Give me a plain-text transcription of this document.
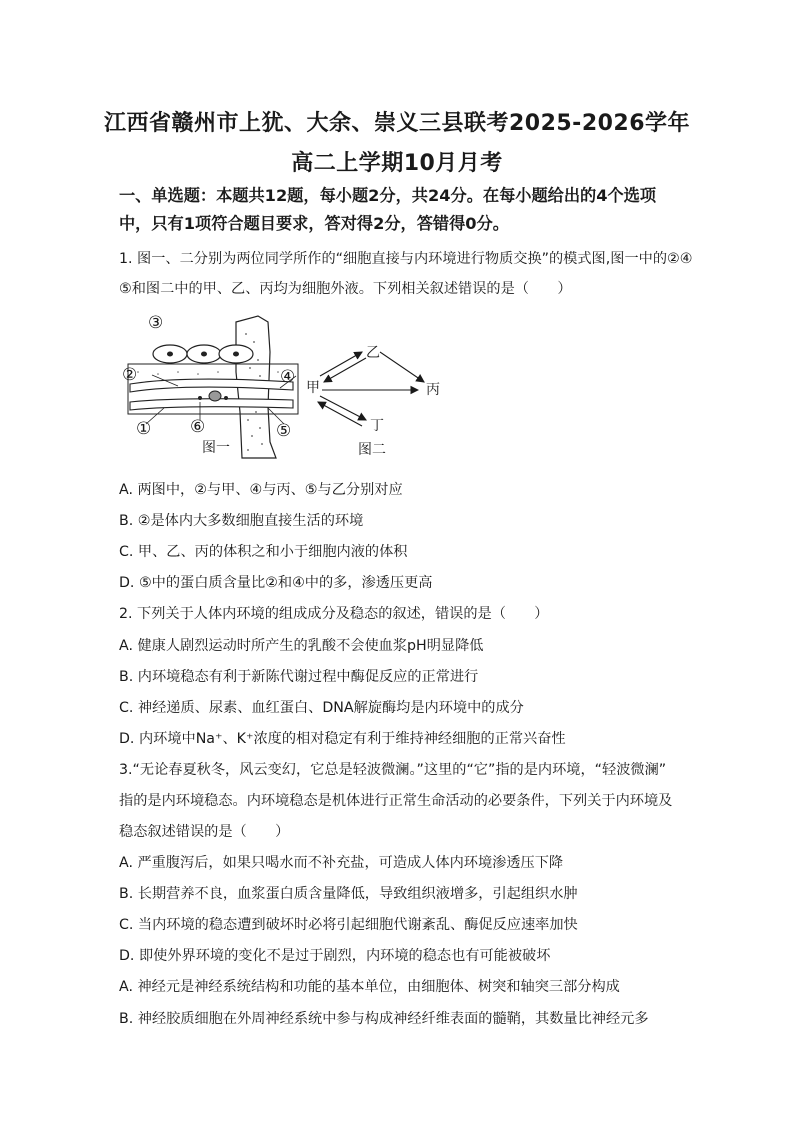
江西省赣州市上犹、大余、崇义三县联考2025-2026学年
高二上学期10月月考
一、单选题：本题共12题，每小题2分，共24分。在每小题给出的4个选项
中，只有1项符合题目要求，答对得2分，答错得0分。
1. 图一、二分别为两位同学所作的“细胞直接与内环境进行物质交换”的模式图,图一中的②④
⑤和图二中的甲、乙、丙均为细胞外液。下列相关叙述错误的是（　　）
③
②	④
⑥
①	⑤
图一
甲
乙
丙
丁
图二
A. 两图中，②与甲、④与丙、⑤与乙分别对应
B. ②是体内大多数细胞直接生活的环境
C. 甲、乙、丙的体积之和小于细胞内液的体积
D. ⑤中的蛋白质含量比②和④中的多，渗透压更高
2. 下列关于人体内环境的组成成分及稳态的叙述，错误的是（　　）
A. 健康人剧烈运动时所产生的乳酸不会使血浆pH明显降低
B. 内环境稳态有利于新陈代谢过程中酶促反应的正常进行
C. 神经递质、尿素、血红蛋白、DNA解旋酶均是内环境中的成分
D. 内环境中Na⁺、K⁺浓度的相对稳定有利于维持神经细胞的正常兴奋性
3.“无论春夏秋冬，风云变幻，它总是轻波微澜。”这里的“它”指的是内环境，“轻波微澜”
指的是内环境稳态。内环境稳态是机体进行正常生命活动的必要条件，下列关于内环境及
稳态叙述错误的是（　　）
A. 严重腹泻后，如果只喝水而不补充盐，可造成人体内环境渗透压下降
B. 长期营养不良，血浆蛋白质含量降低，导致组织液增多，引起组织水肿
C. 当内环境的稳态遭到破坏时必将引起细胞代谢紊乱、酶促反应速率加快
D. 即使外界环境的变化不是过于剧烈，内环境的稳态也有可能被破坏
A. 神经元是神经系统结构和功能的基本单位，由细胞体、树突和轴突三部分构成
B. 神经胶质细胞在外周神经系统中参与构成神经纤维表面的髓鞘，其数量比神经元多
